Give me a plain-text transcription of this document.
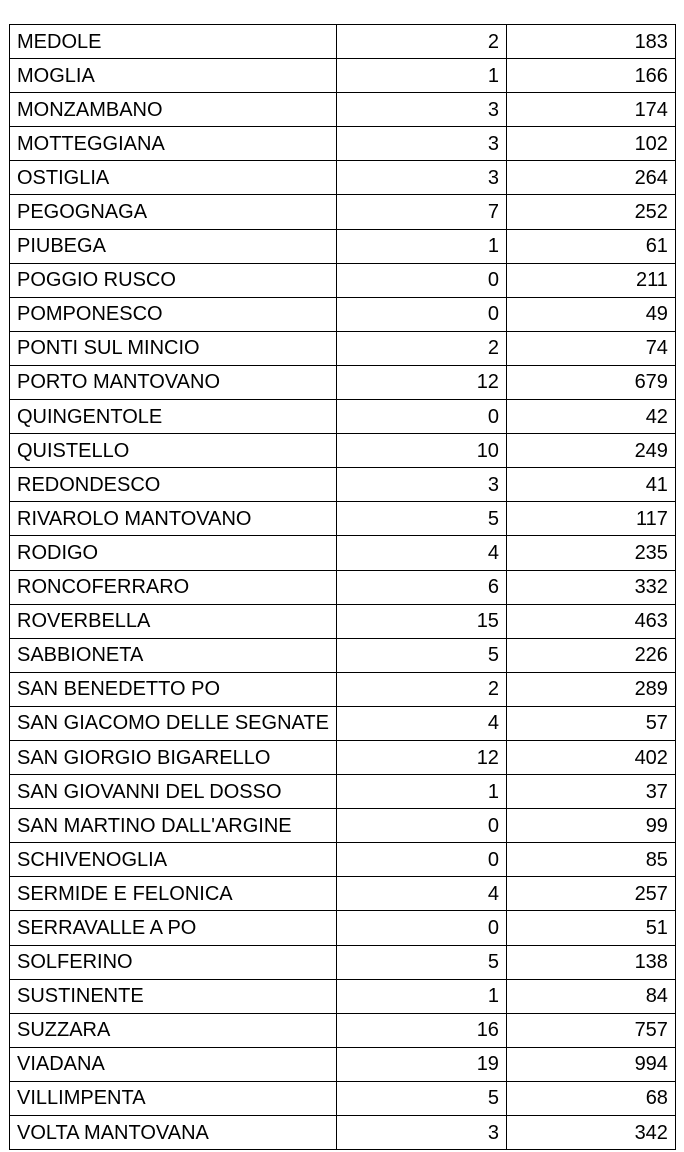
MEDOLE	2	183
MOGLIA	1	166
MONZAMBANO	3	174
MOTTEGGIANA	3	102
OSTIGLIA	3	264
PEGOGNAGA	7	252
PIUBEGA	1	61
POGGIO RUSCO	0	211
POMPONESCO	0	49
PONTI SUL MINCIO	2	74
PORTO MANTOVANO	12	679
QUINGENTOLE	0	42
QUISTELLO	10	249
REDONDESCO	3	41
RIVAROLO MANTOVANO	5	117
RODIGO	4	235
RONCOFERRARO	6	332
ROVERBELLA	15	463
SABBIONETA	5	226
SAN BENEDETTO PO	2	289
SAN GIACOMO DELLE SEGNATE	4	57
SAN GIORGIO BIGARELLO	12	402
SAN GIOVANNI DEL DOSSO	1	37
SAN MARTINO DALL'ARGINE	0	99
SCHIVENOGLIA	0	85
SERMIDE E FELONICA	4	257
SERRAVALLE A PO	0	51
SOLFERINO	5	138
SUSTINENTE	1	84
SUZZARA	16	757
VIADANA	19	994
VILLIMPENTA	5	68
VOLTA MANTOVANA	3	342
